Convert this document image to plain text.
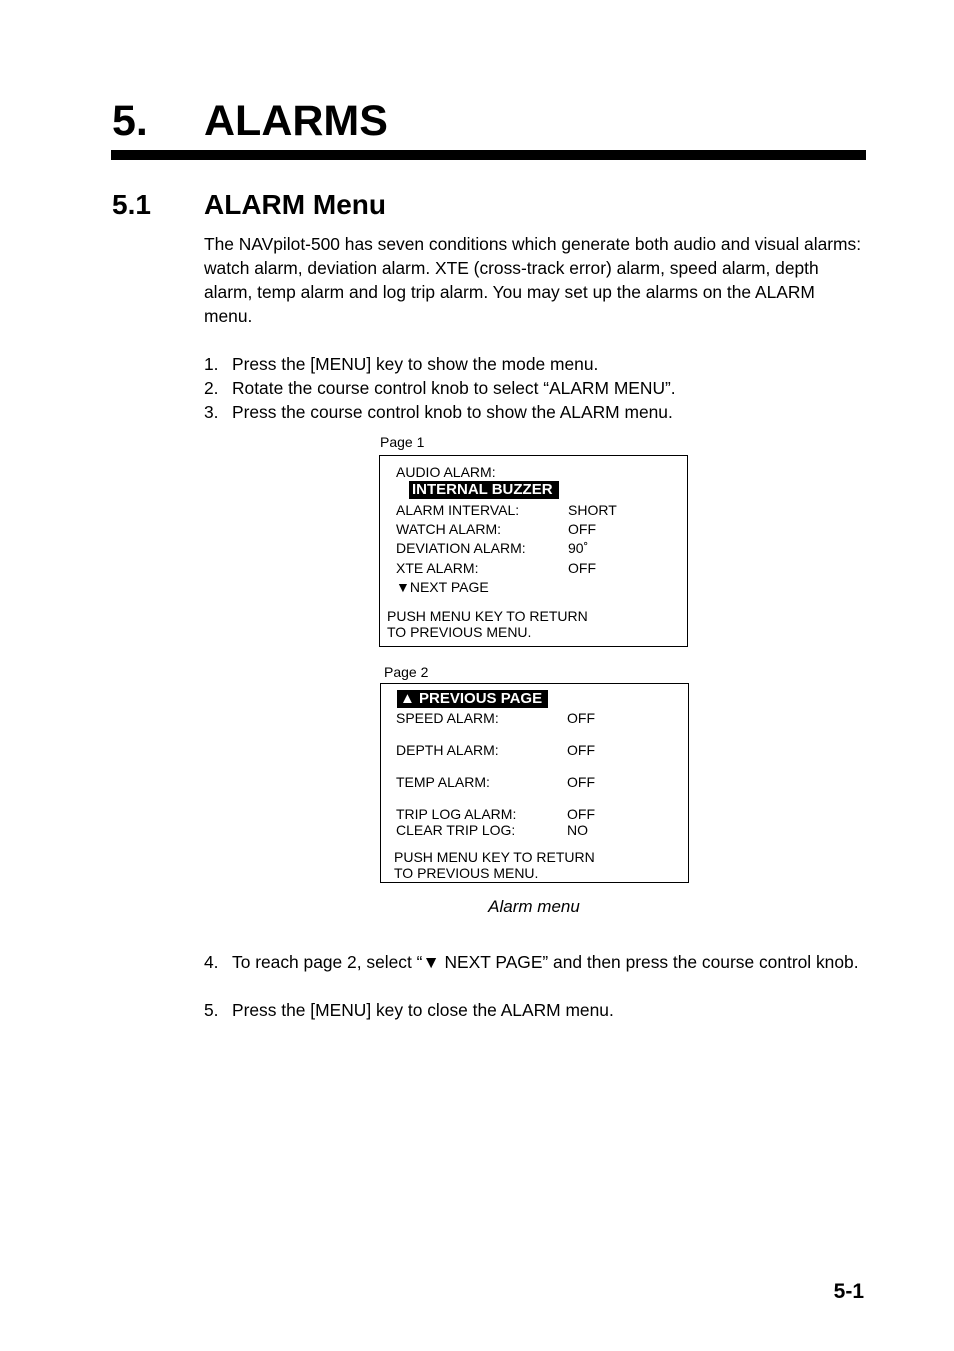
5. ALARMS
5.1 ALARM Menu
The NAVpilot-500 has seven conditions which generate both audio and visual alarms: watch alarm, deviation alarm. XTE (cross-track error) alarm, speed alarm, depth alarm, temp alarm and log trip alarm. You may set up the alarms on the ALARM menu.
1. Press the [MENU] key to show the mode menu.
2. Rotate the course control knob to select “ALARM MENU”.
3. Press the course control knob to show the ALARM menu.
Page 1
AUDIO ALARM:
INTERNAL BUZZER
ALARM INTERVAL:	SHORT
WATCH ALARM:	OFF
DEVIATION ALARM:	90˚
XTE ALARM:	OFF
▼NEXT PAGE
PUSH MENU KEY TO RETURN
TO PREVIOUS MENU.
Page 2
▲ PREVIOUS PAGE
SPEED ALARM:	OFF
DEPTH ALARM:	OFF
TEMP ALARM:	OFF
TRIP LOG ALARM:	OFF
CLEAR TRIP LOG:	NO
PUSH MENU KEY TO RETURN
TO PREVIOUS MENU.
Alarm menu
4. To reach page 2, select “▼ NEXT PAGE” and then press the course control knob.
5. Press the [MENU] key to close the ALARM menu.
5-1
